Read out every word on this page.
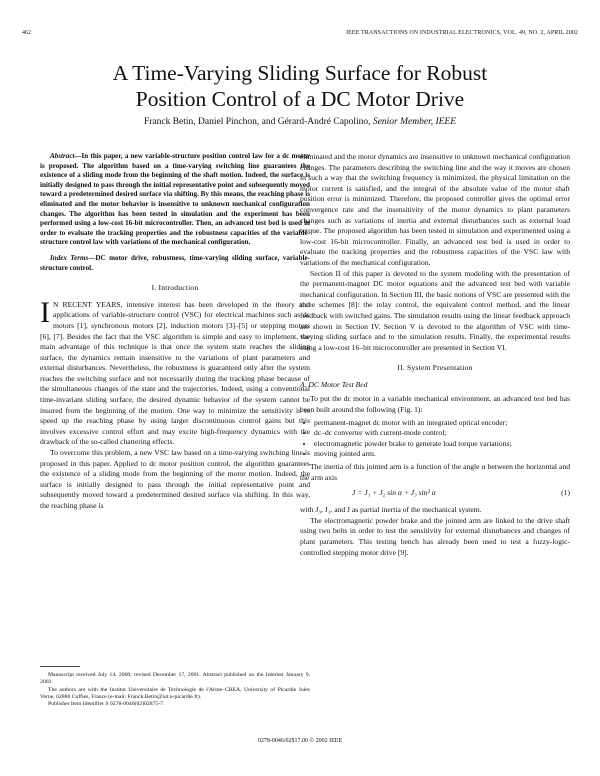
462	IEEE TRANSACTIONS ON INDUSTRIAL ELECTRONICS, VOL. 49, NO. 2, APRIL 2002
A Time-Varying Sliding Surface for Robust
Position Control of a DC Motor Drive
Franck Betin, Daniel Pinchon, and Gérard-André Capolino, Senior Member, IEEE

Abstract—In this paper, a new variable-structure position control law for a dc motor is proposed. The algorithm based on a time-varying switching line guarantees the existence of a sliding mode from the beginning of the shaft motion. Indeed, the surface is initially designed to pass through the initial representative point and subsequently moved toward a predetermined desired surface via shifting. By this means, the reaching phase is eliminated and the motor behavior is insensitive to unknown mechanical configuration changes. The algorithm has been tested in simulation and the experiment has been performed using a low-cost 16-bit microcontroller. Then, an advanced test bed is used in order to evaluate the tracking properties and the robustness capacities of the variable-structure control law with variations of the mechanical configuration.

Index Terms—DC motor drive, robustness, time-varying sliding surface, variable-structure control.

I. Introduction

I N RECENT YEARS, intensive interest has been developed in the theory and applications of variable-structure control (VSC) for electrical machines such as dc motors [1], synchronous motors [2], induction motors [3]–[5] or stepping motors [6], [7]. Besides the fact that the VSC algorithm is simple and easy to implement, the main advantage of this technique is that once the system state reaches the sliding surface, the dynamics remain insensitive to the variations of plant parameters and external disturbances. Nevertheless, the robustness is guaranteed only after the system reaches the switching surface and not necessarily during the tracking phase because of the simultaneous changes of the state and the trajectories. Indeed, using a conventional time-invariant sliding surface, the desired dynamic behavior of the system cannot be insured from the beginning of the motion. One way to minimize the sensitivity is to speed up the reaching phase by using larger discontinuous control gains but this involves excessive control effort and may excite high-frequency dynamics with the drawback of the so-called chattering effects.

To overcome this problem, a new VSC law based on a time-varying switching line is proposed in this paper. Applied to dc motor position control, the algorithm guarantees the existence of a sliding mode from the beginning of the motor motion. Indeed, the surface is initially designed to pass through the initial representative point and subsequently moved toward a predetermined desired surface via shifting. In this way, the reaching phase is

eliminated and the motor dynamics are insensitive to unknown mechanical configuration changes. The parameters describing the switching line and the way it moves are chosen in such a way that the switching frequency is minimized, the physical limitation on the motor current is satisfied, and the integral of the absolute value of the motor shaft position error is minimized. Therefore, the proposed controller gives the optimal error convergence rate and the insensitivity of the motor dynamics to plant parameters changes such as variations of inertia and external disturbances such as external load torque. The proposed algorithm has been tested in simulation and experimented using a low-cost 16-bit microcontroller. Finally, an advanced test bed is used in order to evaluate the tracking properties and the robustness capacities of the VSC law with variations of the mechanical configuration.

Section II of this paper is devoted to the system modeling with the presentation of the permanent-magnet DC motor equations and the advanced test bed with variable mechanical configuration. In Section III, the basic notions of VSC are presented with the three schemes [8]: the relay control, the equivalent control method, and the linear feedback with switched gains. The simulation results using the linear feedback approach are shown in Section IV. Section V is devoted to the algorithm of VSC with time-varying sliding surface and to the simulation results. Finally, the experimental results using a low-cost 16–bit microcontroller are presented in Section VI.

II. System Presentation
A. DC Motor Test Bed

To put the dc motor in a variable mechanical environment, an advanced test bed has been built around the following (Fig. 1):

• permanent-magnet dc motor with an integrated optical encoder;
• dc–dc converter with current-mode control;
• electromagnetic powder brake to generate load torque variations;
• moving jointed arm.

The inertia of this jointed arm is a function of the angle α between the horizontal and the arm axis

J = J₁ + J₂ sin α + J₃ sin² α	(1)

with J₃, J₁, and J as partial inertia of the mechanical system.

The electromagnetic powder brake and the jointed arm are linked to the drive shaft using two belts in order to test the sensitivity for external disturbances and changes of plant parameters. This testing bench has already been used to test a fuzzy-logic-controlled stepping motor drive [9].

Manuscript received July 14, 2000; revised December 17, 2001. Abstract published on the Internet January 9, 2002.

The authors are with the Institut Universitaire de Technologie de l'Aisne–CREA, University of Picardie Jules Verne, 02880 Cuffies, France (e-mail: Franck.Betin@iut.u-picardie.fr).

Publisher Item Identifier S 0278-0046(02)02875-7.

0278-0046/02$17.00 © 2002 IEEE
